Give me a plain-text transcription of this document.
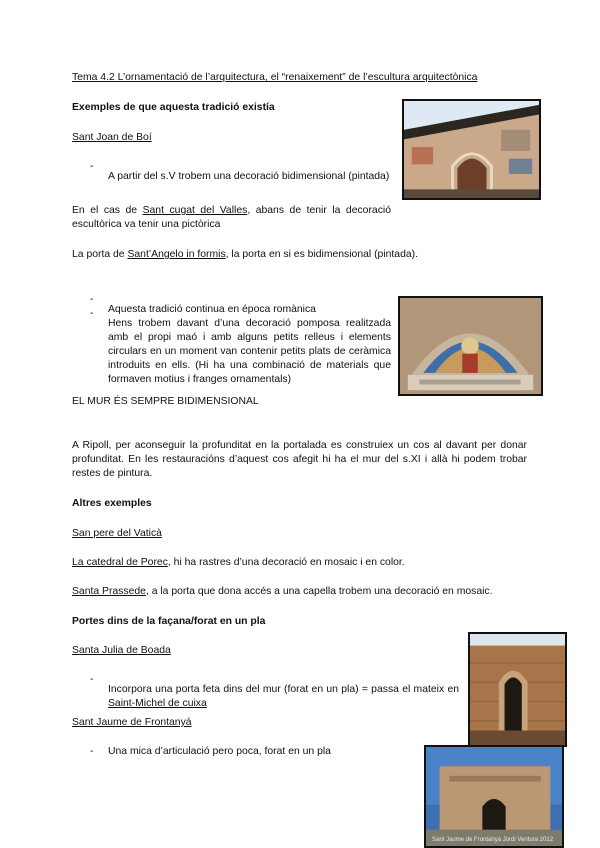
Tema 4.2 L’ornamentació de l’arquitectura, el “renaixement” de l’escultura arquitectònica

Exemples de que aquesta tradició existía

Sant Joan de Boí

-

A partir del s.V trobem una decoració bidimensional (pintada)

En el cas de Sant cugat del Valles, abans de tenir la decoració escultòrica va tenir una pictòrica

La porta de Sant’Angelo in formis, la porta en si es bidimensional (pintada).

-

Aquesta tradició continua en época romànica

-

Hens trobem davant d’una decoració pomposa realitzada amb el propi maó i amb alguns petits relleus i elements circulars en un moment van contenir petits plats de ceràmica introduits en ells. (Hi ha una combinació de materials que formaven motius i franges ornamentals)

EL MUR ÉS SEMPRE BIDIMENSIONAL

A Ripoll, per aconseguir la profunditat en la portalada es construiex un cos al davant per donar profunditat. En les restauracións d’aquest cos afegit hi ha el mur del s.XI i allà hi podem trobar restes de pintura.

Altres exemples

San pere del Vaticà

La catedral de Porec, hi ha rastres d’una decoració en mosaic i en color.

Santa Prassede, a la porta que dona accés a una capella trobem una decoració en mosaic.

Portes dins de la façana/forat en un pla

Santa Julia de Boada

-

Incorpora una porta feta dins del mur (forat en un pla) = passa el mateix en Saint-Michel de cuixa

Sant Jaume de Frontanyá

- Una mica d’articulació pero poca, forat en un pla

Sant Jaume de Frontanyà Jordi Ventura 2012
